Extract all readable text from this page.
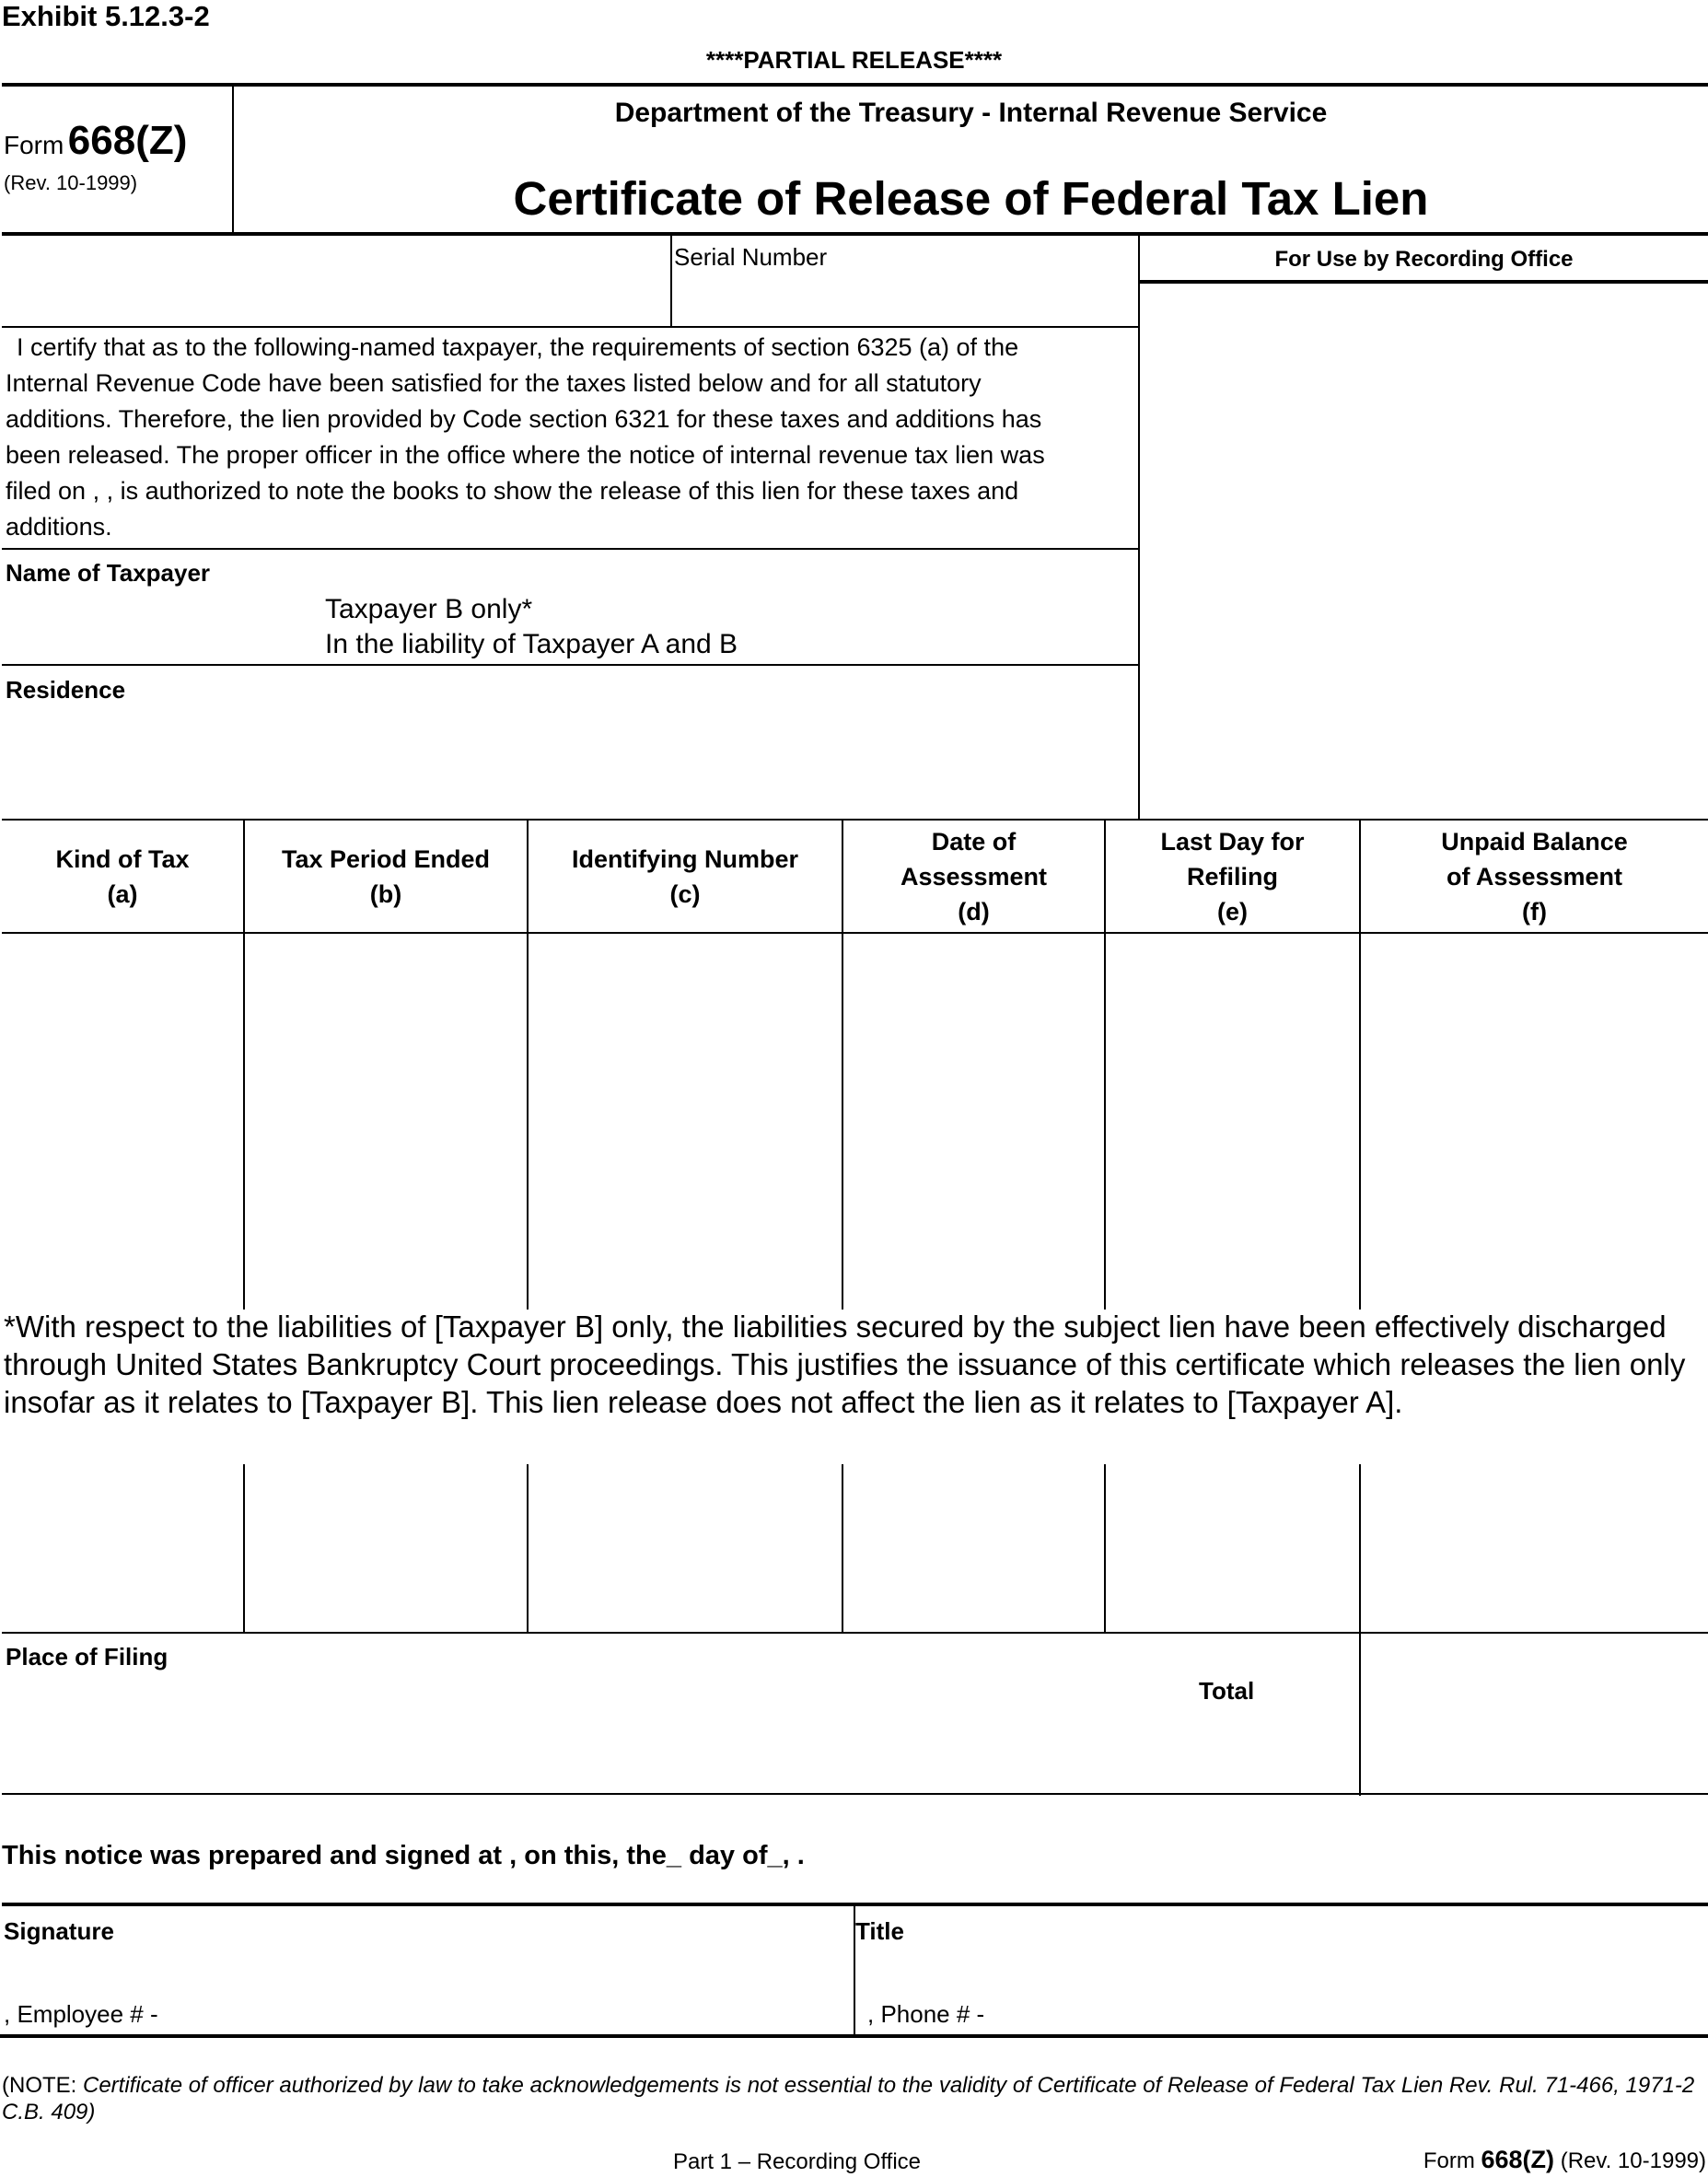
Exhibit 5.12.3-2
****PARTIAL RELEASE****
Form 668(Z)
(Rev. 10-1999)
Department of the Treasury - Internal Revenue Service
Certificate of Release of Federal Tax Lien
Serial Number	For Use by Recording Office
I certify that as to the following-named taxpayer, the requirements of section 6325 (a) of the
Internal Revenue Code have been satisfied for the taxes listed below and for all statutory
additions. Therefore, the lien provided by Code section 6321 for these taxes and additions has
been released. The proper officer in the office where the notice of internal revenue tax lien was
filed on , , is authorized to note the books to show the release of this lien for these taxes and
additions.
Name of Taxpayer
Taxpayer B only*
In the liability of Taxpayer A and B
Residence
Kind of Tax
(a)
Tax Period Ended
(b)
Identifying Number
(c)
Date of Assessment
(d)
Last Day for Refiling
(e)
Unpaid Balance of Assessment
(f)
*With respect to the liabilities of [Taxpayer B] only, the liabilities secured by the subject lien have been effectively discharged through United States Bankruptcy Court proceedings. This justifies the issuance of this certificate which releases the lien only insofar as it relates to [Taxpayer B]. This lien release does not affect the lien as it relates to [Taxpayer A].
Place of Filing
Total
This notice was prepared and signed at , on this, the_ day of_, .
Signature
, Employee # -
Title
, Phone # -
(NOTE: Certificate of officer authorized by law to take acknowledgements is not essential to the validity of Certificate of Release of Federal Tax Lien Rev. Rul. 71-466, 1971-2 C.B. 409)
Part 1 – Recording Office	Form 668(Z) (Rev. 10-1999)
